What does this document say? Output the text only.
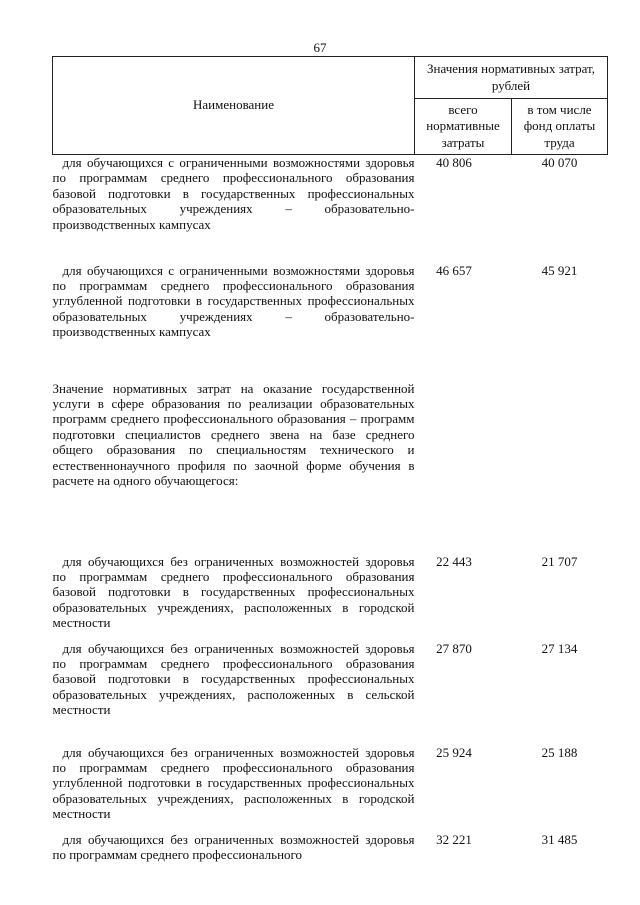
67
Наименование	Значения нормативных затрат, рублей	
	всего нормативные затраты	в том числе фонд оплаты труда
для обучающихся с ограниченными возможностями здоровья по программам среднего профессионального образования базовой подготовки в государственных профессиональных образовательных учреждениях – образовательно-производственных кампусах	40 806	40 070
для обучающихся с ограниченными возможностями здоровья по программам среднего профессионального образования углубленной подготовки в государственных профессиональных образовательных учреждениях – образовательно-производственных кампусах	46 657	45 921
Значение нормативных затрат на оказание государственной услуги в сфере образования по реализации образовательных программ среднего профессионального образования – программ подготовки специалистов среднего звена на базе среднего общего образования по специальностям технического и естественнонаучного профиля по заочной форме обучения в расчете на одного обучающегося:		
для обучающихся без ограниченных возможностей здоровья по программам среднего профессионального образования базовой подготовки в государственных профессиональных образовательных учреждениях, расположенных в городской местности	22 443	21 707
для обучающихся без ограниченных возможностей здоровья по программам среднего профессионального образования базовой подготовки в государственных профессиональных образовательных учреждениях, расположенных в сельской местности	27 870	27 134
для обучающихся без ограниченных возможностей здоровья по программам среднего профессионального образования углубленной подготовки в государственных профессиональных образовательных учреждениях, расположенных в городской местности	25 924	25 188
для обучающихся без ограниченных возможностей здоровья по программам среднего профессионального	32 221	31 485
